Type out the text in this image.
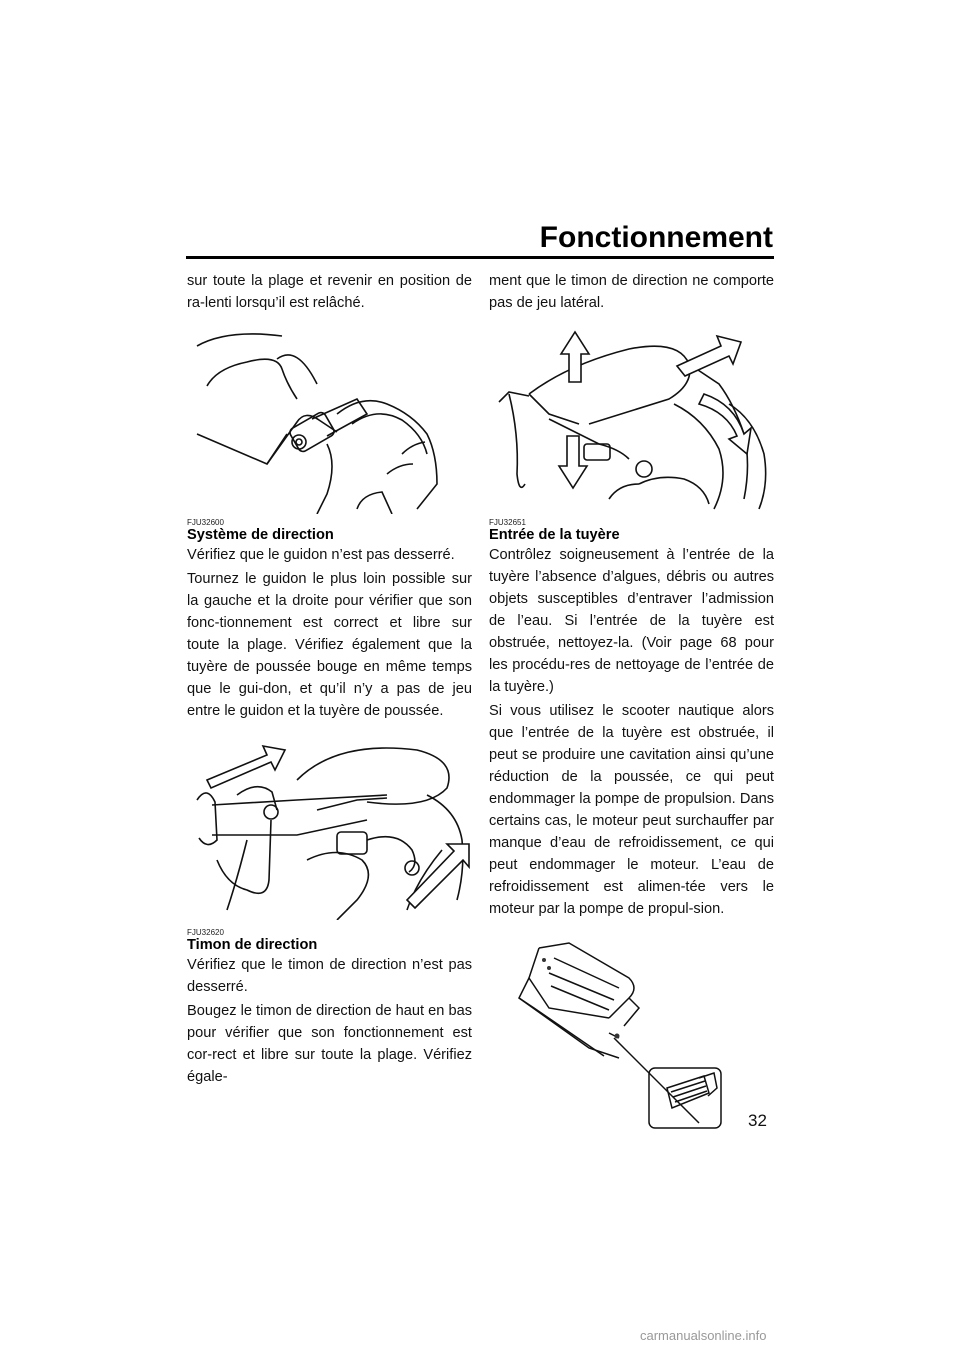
Fonctionnement

sur toute la plage et revenir en position de ra-lenti lorsqu’il est relâché.

FJU32600
Système de direction

Vérifiez que le guidon n’est pas desserré.

Tournez le guidon le plus loin possible sur la gauche et la droite pour vérifier que son fonc-tionnement est correct et libre sur toute la plage. Vérifiez également que la tuyère de poussée bouge en même temps que le gui-don, et qu’il n’y a pas de jeu entre le guidon et la tuyère de poussée.

FJU32620
Timon de direction

Vérifiez que le timon de direction n’est pas desserré.

Bougez le timon de direction de haut en bas pour vérifier que son fonctionnement est cor-rect et libre sur toute la plage. Vérifiez égale-

ment que le timon de direction ne comporte pas de jeu latéral.

FJU32651
Entrée de la tuyère

Contrôlez soigneusement à l’entrée de la tuyère l’absence d’algues, débris ou autres objets susceptibles d’entraver l’admission de l’eau. Si l’entrée de la tuyère est obstruée, nettoyez-la. (Voir page 68 pour les procédu-res de nettoyage de l’entrée de la tuyère.)

Si vous utilisez le scooter nautique alors que l’entrée de la tuyère est obstruée, il peut se produire une cavitation ainsi qu’une réduction de la poussée, ce qui peut endommager la pompe de propulsion. Dans certains cas, le moteur peut surchauffer par manque d’eau de refroidissement, ce qui peut endommager le moteur. L’eau de refroidissement est alimen-tée vers le moteur par la pompe de propul-sion.

32
carmanualsonline.info
